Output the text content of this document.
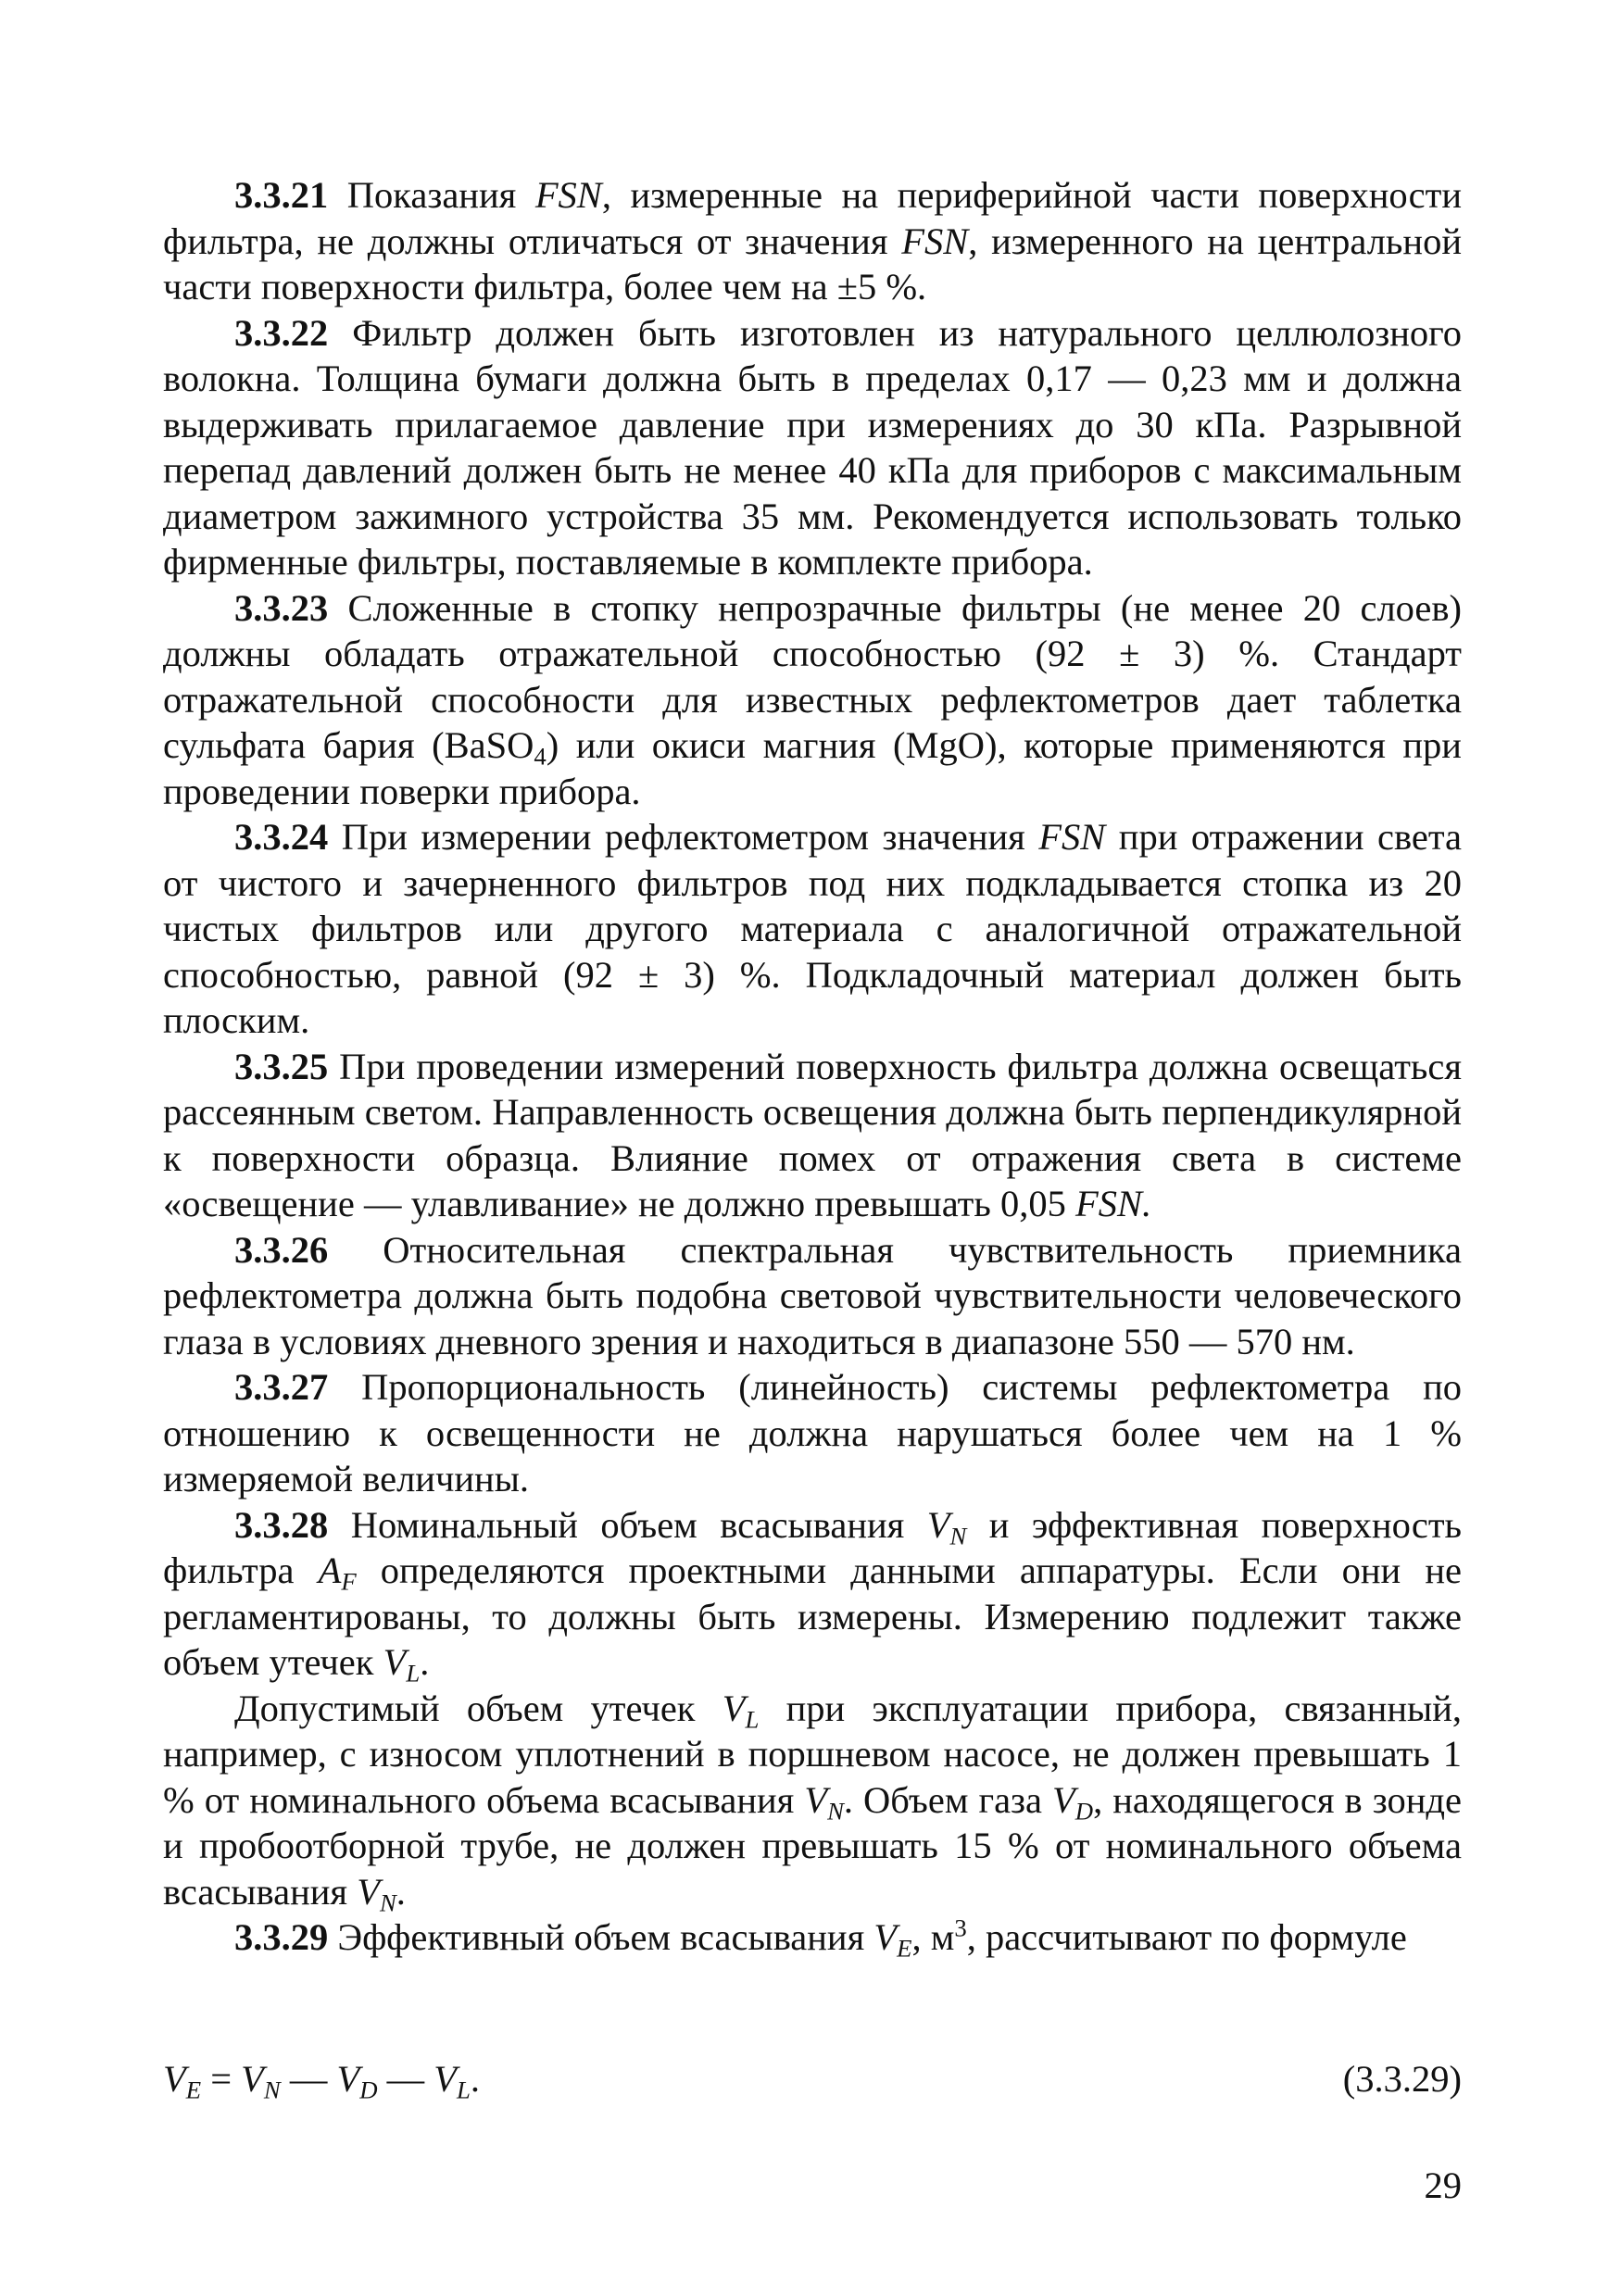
3.3.21 Показания FSN, измеренные на периферийной части поверхности фильтра, не должны отличаться от значения FSN, измеренного на центральной части поверхности фильтра, более чем на ±5 %.

3.3.22 Фильтр должен быть изготовлен из натурального целлюлозного волокна. Толщина бумаги должна быть в пределах 0,17 — 0,23 мм и должна выдерживать прилагаемое давление при измерениях до 30 кПа. Разрывной перепад давлений должен быть не менее 40 кПа для приборов с максимальным диаметром зажимного устройства 35 мм. Рекомендуется использовать только фирменные фильтры, поставляемые в комплекте прибора.

3.3.23 Сложенные в стопку непрозрачные фильтры (не менее 20 слоев) должны обладать отражательной способностью (92 ± 3) %. Стандарт отражательной способности для известных рефлектометров дает таблетка сульфата бария (BaSO4) или окиси магния (MgO), которые применяются при проведении поверки прибора.

3.3.24 При измерении рефлектометром значения FSN при отражении света от чистого и зачерненного фильтров под них подкладывается стопка из 20 чистых фильтров или другого материала с аналогичной отражательной способностью, равной (92 ± 3) %. Подкладочный материал должен быть плоским.

3.3.25 При проведении измерений поверхность фильтра должна освещаться рассеянным светом. Направленность освещения должна быть перпендикулярной к поверхности образца. Влияние помех от отражения света в системе «освещение — улавливание» не должно превышать 0,05 FSN.

3.3.26 Относительная спектральная чувствительность приемника рефлектометра должна быть подобна световой чувствительности человеческого глаза в условиях дневного зрения и находиться в диапазоне 550 — 570 нм.

3.3.27 Пропорциональность (линейность) системы рефлектометра по отношению к освещенности не должна нарушаться более чем на 1 % измеряемой величины.

3.3.28 Номинальный объем всасывания VN и эффективная поверхность фильтра AF определяются проектными данными аппаратуры. Если они не регламентированы, то должны быть измерены. Измерению подлежит также объем утечек VL.

Допустимый объем утечек VL при эксплуатации прибора, связанный, например, с износом уплотнений в поршневом насосе, не должен превышать 1 % от номинального объема всасывания VN. Объем газа VD, находящегося в зонде и пробоотборной трубе, не должен превышать 15 % от номинального объема всасывания VN.

3.3.29 Эффективный объем всасывания VE, $м^3$, рассчитывают по формуле

VE = VN — VD — VL.	(3.3.29)
29
